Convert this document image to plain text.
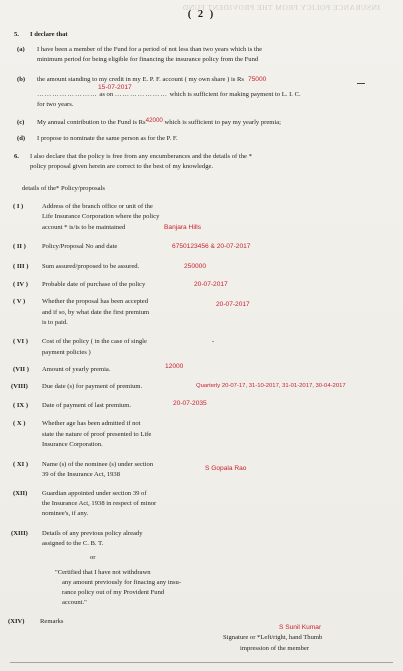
INSURANCE POLICY FROM THE PROVIDENT FUND
( 2 )
5. I declare that
(a) I have been a member of the Fund for a period of not less than two years which is the
minimum period for being eligible for financing the insurance policy from the Fund
(b) the amount standing to my credit in my E. P. F. account ( my own share ) is Rs 75000
15-07-2017
…………………… as on ………………… which is sufficient for making payment to L. I. C.
for two years.
(c) My annual contribution to the Fund is Rs42000 which is sufficient to pay my yearly premia;
(d) I propose to nominate the same person as for the P. F.
6. I also declare that the policy is free from any encumberances and the details of the *
policy proposal given herein are correct to the best of my knowledge.
details of the* Policy/proposals
( I )	Address of the branch office or unit of the
Life Insurance Corporation where the policy
account * is/is to be maintained	Banjara Hills
( II ) Policy/Proposal No and date	6750123456 & 20-07-2017
( III ) Sum assured/proposed to be assured.	250000
( IV ) Probable date of purchase of the policy	20-07-2017
( V )	Whether the proposal has been accepted
and if so, by what date the first premium
is to paid.
20-07-2017
( VI ) Cost of the policy ( in the case of single
payment policies )
-
(VII ) Amount of yearly premia.	12000
(VIII) Due date (s) for payment of premium.	Quarterly 20-07-17, 31-10-2017, 31-01-2017, 30-04-2017
( IX ) Date of payment of last premium.	20-07-2035
( X )	Whether age has been admitted if not
state the nature of proof presented to Life
Insurance Corporation.
( XI ) Name (s) of the nominee (s) under section
39 of the Insurance Act, 1938
S Gopala Rao
(XII) Guardian appointed under section 39 of
the Insurance Act, 1938 in respect of minor
nominee's, if any.
(XIII) Details of any previous policy already
assigned to the C. B. T.
or
"Certified that I have not withdrawn
any amount previously for finacing any insu-
rance policy out of my Provident Fund
account."
(XIV) Remarks
S Sunil Kumar
Signature or *Left/right, hand Thumb
impression of the member
